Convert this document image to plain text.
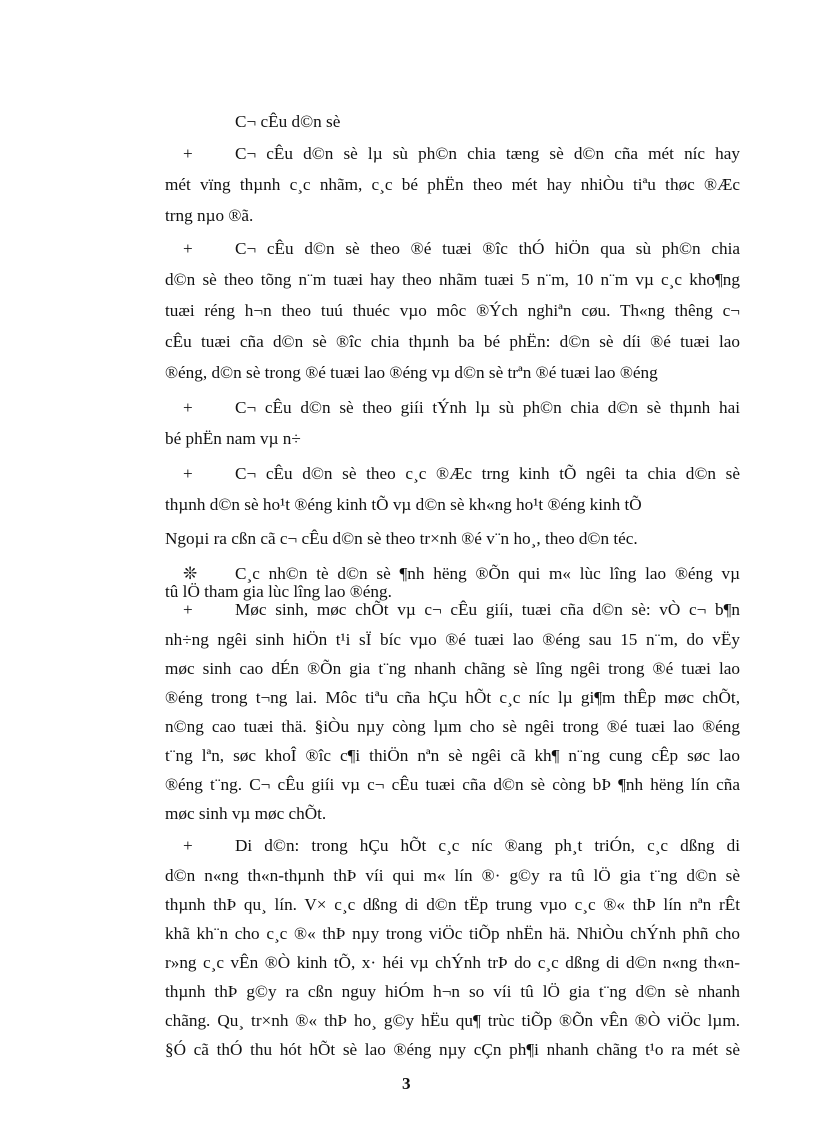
C¬ cÊu d©n sè
+ C¬ cÊu d©n sè lµ sù ph©n chia tæng sè d©n cña mét níc hay
mét vïng thµnh c¸c nhãm, c¸c bé phËn theo mét hay nhiÒu tiªu thøc ®Æc
trng nµo ®ã.
+ C¬ cÊu d©n sè theo ®é tuæi ®îc thÓ hiÖn qua sù ph©n chia
d©n sè theo tõng n¨m tuæi hay theo nhãm tuæi 5 n¨m, 10 n¨m vµ c¸c kho¶ng
tuæi réng h¬n theo tuú thuéc vµo môc ®Ých nghiªn cøu. Th«ng thêng c¬
cÊu tuæi cña d©n sè ®îc chia thµnh ba bé phËn: d©n sè díi ®é tuæi lao
®éng, d©n sè trong ®é tuæi lao ®éng vµ d©n sè trªn ®é tuæi lao ®éng
+ C¬ cÊu d©n sè theo giíi tÝnh lµ sù ph©n chia d©n sè thµnh hai
bé phËn nam vµ n÷
+ C¬ cÊu d©n sè theo c¸c ®Æc trng kinh tÕ ngêi ta chia d©n sè
thµnh d©n sè ho¹t ®éng kinh tÕ vµ d©n sè kh«ng ho¹t ®éng kinh tÕ
Ngoµi ra cßn cã c¬ cÊu d©n sè theo tr×nh ®é v¨n ho¸, theo d©n téc.
❊ C¸c nh©n tè d©n sè ¶nh hëng ®Õn qui m« lùc lîng lao ®éng vµ
tû lÖ tham gia lùc lîng lao ®éng.
+ Møc sinh, møc chÕt vµ c¬ cÊu giíi, tuæi cña d©n sè: vÒ c¬ b¶n
nh÷ng ngêi sinh hiÖn t¹i sÏ bíc vµo ®é tuæi lao ®éng sau 15 n¨m, do vËy
møc sinh cao dÉn ®Õn gia t¨ng nhanh chãng sè lîng ngêi trong ®é tuæi lao
®éng trong t¬ng lai. Môc tiªu cña hÇu hÕt c¸c níc lµ gi¶m thÊp møc chÕt,
n©ng cao tuæi thä. §iÒu nµy còng lµm cho sè ngêi trong ®é tuæi lao ®éng
t¨ng lªn, søc khoÎ ®îc c¶i thiÖn nªn sè ngêi cã kh¶ n¨ng cung cÊp søc lao
®éng t¨ng. C¬ cÊu giíi vµ c¬ cÊu tuæi cña d©n sè còng bÞ ¶nh hëng lín cña
møc sinh vµ møc chÕt.
+ Di d©n: trong hÇu hÕt c¸c níc ®ang ph¸t triÓn, c¸c dßng di
d©n n«ng th«n-thµnh thÞ víi qui m« lín ®· g©y ra tû lÖ gia t¨ng d©n sè
thµnh thÞ qu¸ lín. V× c¸c dßng di d©n tËp trung vµo c¸c ®« thÞ lín nªn rÊt
khã kh¨n cho c¸c ®« thÞ nµy trong viÖc tiÕp nhËn hä. NhiÒu chÝnh phñ cho
r»ng c¸c vÊn ®Ò kinh tÕ, x· héi vµ chÝnh trÞ do c¸c dßng di d©n n«ng th«n-
thµnh thÞ g©y ra cßn nguy hiÓm h¬n so víi tû lÖ gia t¨ng d©n sè nhanh
chãng. Qu¸ tr×nh ®« thÞ ho¸ g©y hËu qu¶ trùc tiÕp ®Õn vÊn ®Ò viÖc lµm.
§Ó cã thÓ thu hót hÕt sè lao ®éng nµy cÇn ph¶i nhanh chãng t¹o ra mét sè
3
